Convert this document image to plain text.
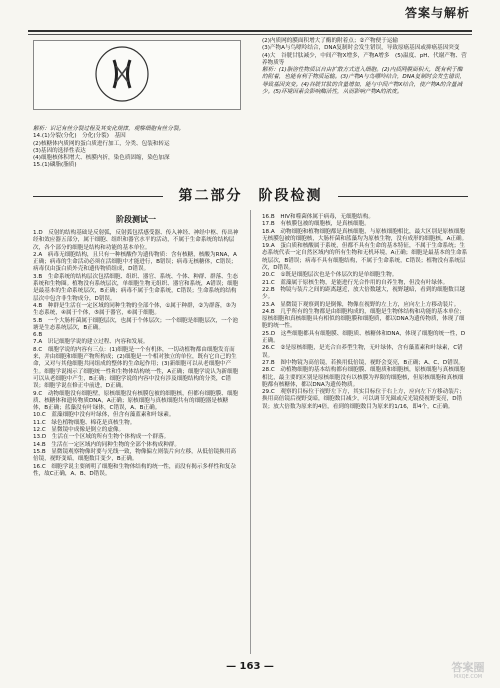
答案与解析

解析：识记有丝分裂过程及其变化规律，观察细胞有丝分裂。

14.(1)分裂(分化)　分化(分裂)　基因

(2)核糖体内质网的蛋白质进行加工，分类、包装和转运

(3)基因的选择性表达

(4)细胞核体积增大、核膜内折，染色质固缩，染色加深

15.(1)磷脂(脂质)

(2)内质网的膜面积增大了酶的附着点；②产物便于运输

(3)产物A与鸟嘌呤结合，DNA复制时会发生错误，导致原癌基因或抑癌基因突变

(4)大　谷胱甘肽减少，中间产物X增多，产物A增多　(5)温度、pH、代谢产物、营养物质等

解析：(1)脂溶性物质以自由扩散方式进入细胞。(2)内质网膜面积大，既有利于酶的附着，也能有利于物质运输。(3)产物A与鸟嘌呤结合，DNA复制时会发生错误，导致基因突变。(4)谷胱甘肽的含量增加，能与中间产物X结合，使产物A的含量减少。(5)环境因素会影响酶活性，从而影响产物A的浓度。

第二部分　阶段检测
阶段测试一

1.D　反射的结构基础是反射弧，反射弧包括感受器、传入神经、神经中枢、传出神经和效应器五部分，属于细胞、组织和器官水平的活动，不属于生命系统的结构层次，各个部分的细胞是结构和功能的基本单位。

2.A　病毒无细胞结构，且只有一种核酸作为遗传物质：含有核糖，核酸为RNA，A正确；病毒的生命活动必须在活细胞中才能进行，B错误；病毒无核糖体，C错误；病毒仅由蛋白质外壳和遗传物质组成，D错误。

3.B　生命系统的结构层次包括细胞、组织、器官、系统、个体、种群、群落、生态系统和生物圈。植物没有系统层次，单细胞生物无组织、器官和系统，A错误；细胞是最基本的生命系统层次，B正确；病毒不属于生命系统，C错误；生命系统的结构层次中包含非生物成分，D错误。

4.B　种群是生活在一定区域的同种生物的全部个体，①属于种群，②为群落，③为生态系统，④属于个体，⑤属于器官，⑥属于细胞。

5.B　一个大肠杆菌属于细胞层次，也属于个体层次；一个细胞是细胞层次，一个池塘是生态系统层次，B正确。

6.B

7.A　识记细胞学说的建立过程、内容和发展。

8.C　细胞学说的内容有三点：(1)细胞是一个有机体，一切动植物都由细胞发育而来，并由细胞和细胞产物所构成；(2)细胞是一个相对独立的单位，既有它自己的生命，又对与其他细胞共同组成的整体的生命起作用；(3)新细胞可以从老细胞中产生。细胞学说揭示了细胞统一性和生物体结构统一性，A正确；细胞学说认为新细胞可以从老细胞中产生，B正确；细胞学说的内容中没有涉及细胞结构的分类，C错误；细胞学说在修正中前进，D正确。

9.C　动物细胞没有细胞壁，原核细胞没有核膜包被的细胞核，但都有细胞膜、细胞质、核糖体和遗传物质DNA，A正确；原核细胞与真核细胞共有的细胞器是核糖体，B正确；蓝藻没有叶绿体，C错误，A、B正确。

10.C　蓝藻细胞中没有叶绿体，但含有藻蓝素和叶绿素。

11.C　绿色植物细胞、棉花是真核生物。

12.C　显微镜中成像是倒立的虚像。

13.D　生活在一个区域的所有生物个体构成一个群落。

14.B　生活在一定区域内的同种生物的全部个体构成种群。

15.B　显微镜观察物像时要与光线一致，物像偏左则装片向左移，从低倍镜换用高倍镜，视野变暗，细胞数目变少，B正确。

16.C　细胞学说主要阐明了细胞和生物体结构的统一性，而没有揭示多样性和复杂性，故C正确，A、B、D错误。

16.B　HIV和噬菌体属于病毒，无细胞结构。

17.B　有核膜包被的细胞核，是真核细胞。

18.A　动物细胞和植物细胞都是真核细胞，与原核细胞相比，最大区别是原核细胞无核膜包被的细胞核，大肠杆菌和蓝藻均为原核生物，没有成形的细胞核，A正确。

19.A　蛋白质和核酸属于系统，但都不具有生命的基本特征，不属于生命系统；生态系统代表一定自然区域内的所有生物和无机环境，A正确；细胞是最基本的生命系统层次，B错误；病毒不具有细胞结构，不属于生命系统，C错误；植物没有系统层次，D错误。

20.C　①既是细胞层次也是个体层次的是单细胞生物。

21.C　蓝藻属于原核生物，是能进行光合作用的自养生物，但没有叶绿体。

22.B　物镜与装片之间的距离越近，放大倍数越大，视野越暗，看到的细胞数目越少。

23.A　显微镜下观察到的是倒像，物像在视野的左上方，应向左上方移动装片。

24.B　几乎所有的生物都是由细胞构成的，细胞是生物体结构和功能的基本单位；原核细胞和真核细胞具有相似的细胞膜和细胞质，都以DNA为遗传物质，体现了细胞的统一性。

25.D　这些细胞都具有细胞膜、细胞质、核糖体和DNA，体现了细胞的统一性，D正确。

26.C　②是原核细胞，是光合自养型生物，无叶绿体，含有藻蓝素和叶绿素，C错误。

27.B　图中物镜为高倍镜，若换用低倍镜，视野会变亮，B正确；A、C、D错误。

28.C　动植物细胞的基本结构都有细胞膜、细胞质和细胞核，原核细胞与真核细胞相比，最主要的区别是原核细胞没有以核膜为界限的细胞核，但原核细胞和真核细胞都有核糖体，都以DNA为遗传物质。

29.C　观察的目标位于视野左下方，其实目标位于右上方，应向左下方移动装片；换用高倍镜后视野变暗，细胞数目减少，可以调节光圈或反光镜使视野变亮，D错误；放大倍数为原来的4倍，看到的细胞数目为原来的1/16，即4个，C正确。

— 163 —	答案圈
MXQE.COM
